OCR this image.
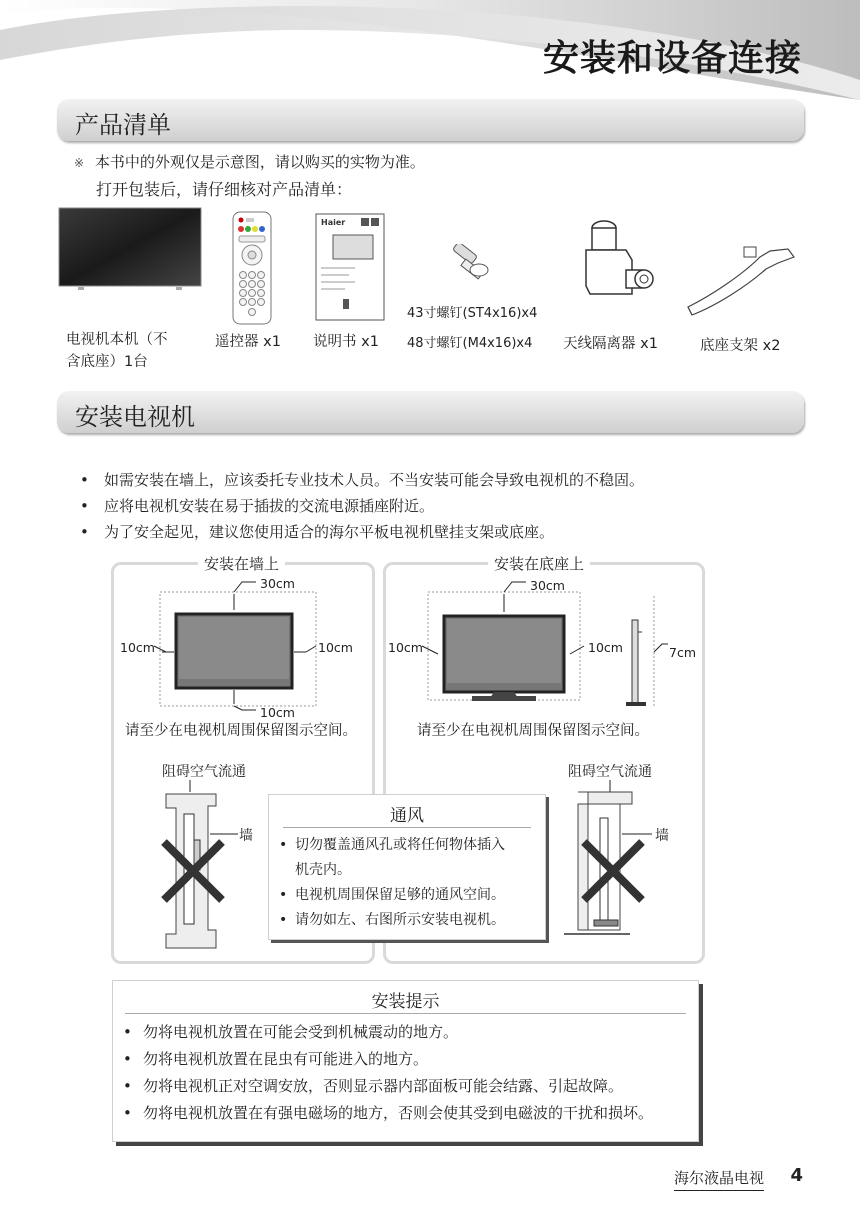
安装和设备连接
产品清单
※ 本书中的外观仅是示意图，请以购买的实物为准。
打开包装后，请仔细核对产品清单：
Haier
电视机本机（不
含底座）1台
遥控器 x1 说明书 x1
43寸螺钉(ST4x16)x4
48寸螺钉(M4x16)x4 天线隔离器 x1	底座支架 x2
安装电视机
• 如需安装在墙上，应该委托专业技术人员。不当安装可能会导致电视机的不稳固。
• 应将电视机安装在易于插拔的交流电源插座附近。
• 为了安全起见，建议您使用适合的海尔平板电视机壁挂支架或底座。
安装在墙上
30cm
10cm	10cm
10cm
请至少在电视机周围保留图示空间。
阻碍空气流通
墙
安装在底座上
30cm
10cm	10cm	7cm
请至少在电视机周围保留图示空间。
阻碍空气流通
墙
通风
• 切勿覆盖通风孔或将任何物体插入
机壳内。
• 电视机周围保留足够的通风空间。
• 请勿如左、右图所示安装电视机。
安装提示
• 勿将电视机放置在可能会受到机械震动的地方。
• 勿将电视机放置在昆虫有可能进入的地方。
• 勿将电视机正对空调安放，否则显示器内部面板可能会结露、引起故障。
• 勿将电视机放置在有强电磁场的地方，否则会使其受到电磁波的干扰和损坏。
海尔液晶电视 4
